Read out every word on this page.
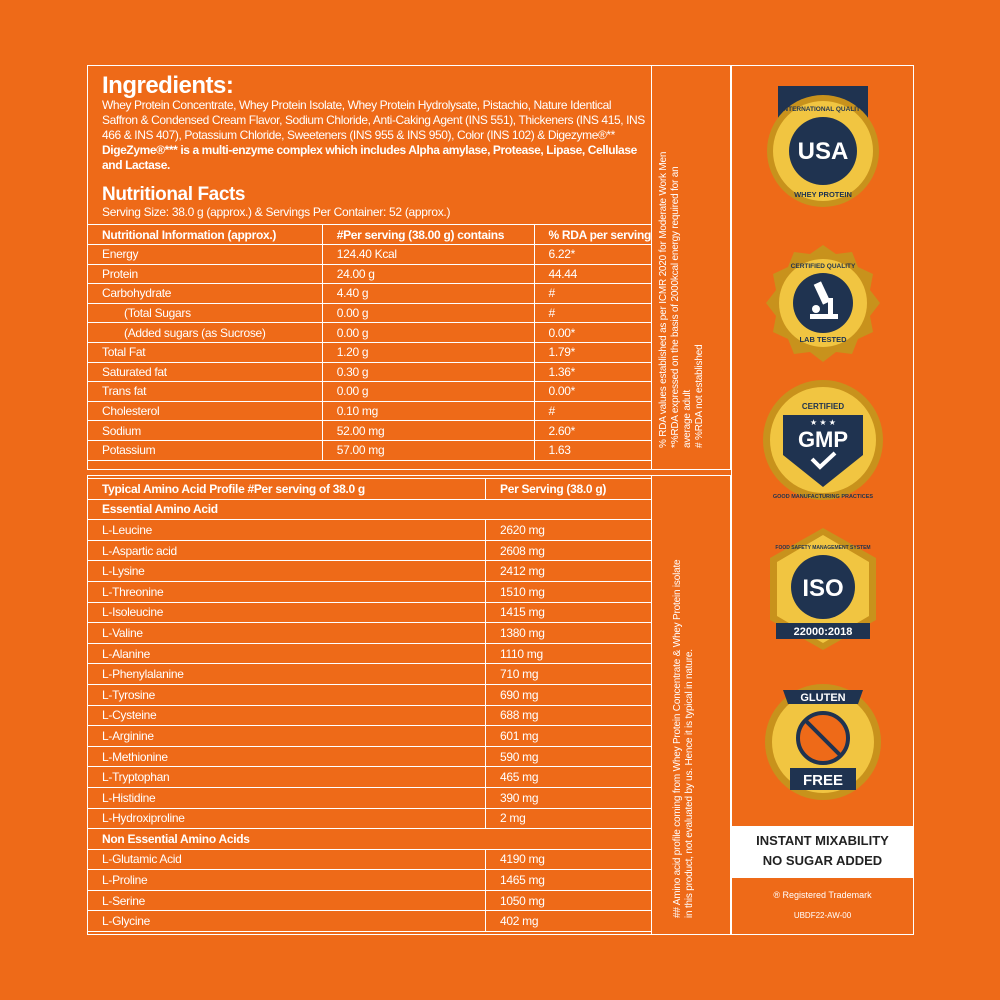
Ingredients:
Whey Protein Concentrate, Whey Protein Isolate, Whey Protein Hydrolysate, Pistachio, Nature Identical Saffron & Condensed Cream Flavor, Sodium Chloride, Anti-Caking Agent (INS 551), Thickeners (INS 415, INS 466 & INS 407), Potassium Chloride, Sweeteners (INS 955 & INS 950), Color (INS 102) & Digezyme®** DigeZyme®*** is a multi-enzyme complex which includes Alpha amylase, Protease, Lipase, Cellulase and Lactase.
Nutritional Facts
Serving Size: 38.0 g (approx.) & Servings Per Container: 52 (approx.)
Nutritional Information (approx.)	#Per serving (38.00 g) contains	% RDA per serving
Energy	124.40 Kcal	6.22*
Protein	24.00 g	44.44
Carbohydrate	4.40 g	#
(Total Sugars	0.00 g	#
(Added sugars (as Sucrose)	0.00 g	0.00*
Total Fat	1.20 g	1.79*
Saturated fat	0.30 g	1.36*
Trans fat	0.00 g	0.00*
Cholesterol	0.10 mg	#
Sodium	52.00 mg	2.60*
Potassium	57.00 mg	1.63
% RDA values established as per ICMR 2020 for Moderate Work Men *%RDA expressed on the basis of 2000kcal energy required for an average adult # %RDA not established
Typical Amino Acid Profile #Per serving of 38.0 g	Per Serving (38.0 g)
Essential Amino Acid	
L-Leucine	2620 mg
L-Aspartic acid	2608 mg
L-Lysine	2412 mg
L-Threonine	1510 mg
L-Isoleucine	1415 mg
L-Valine	1380 mg
L-Alanine	1110 mg
L-Phenylalanine	710 mg
L-Tyrosine	690 mg
L-Cysteine	688 mg
L-Arginine	601 mg
L-Methionine	590 mg
L-Tryptophan	465 mg
L-Histidine	390 mg
L-Hydroxiproline	2 mg
Non Essential Amino Acids	
L-Glutamic Acid	4190 mg
L-Proline	1465 mg
L-Serine	1050 mg
L-Glycine	402 mg
## Amino acid profile coming from Whey Protein Concentrate & Whey Protein isolate in this product, not evaluated by us. Hence it is typical in nature.
USA
INTERNATIONAL QUALITY
WHEY PROTEIN
CERTIFIED QUALITY
LAB TESTED
CERTIFIED
★ ★ ★
GMP
GOOD MANUFACTURING PRACTICES
ISO
FOOD SAFETY MANAGEMENT SYSTEM
22000:2018
GLUTEN
FREE
INSTANT MIXABILITY
NO SUGAR ADDED
® Registered Trademark
UBDF22-AW-00
